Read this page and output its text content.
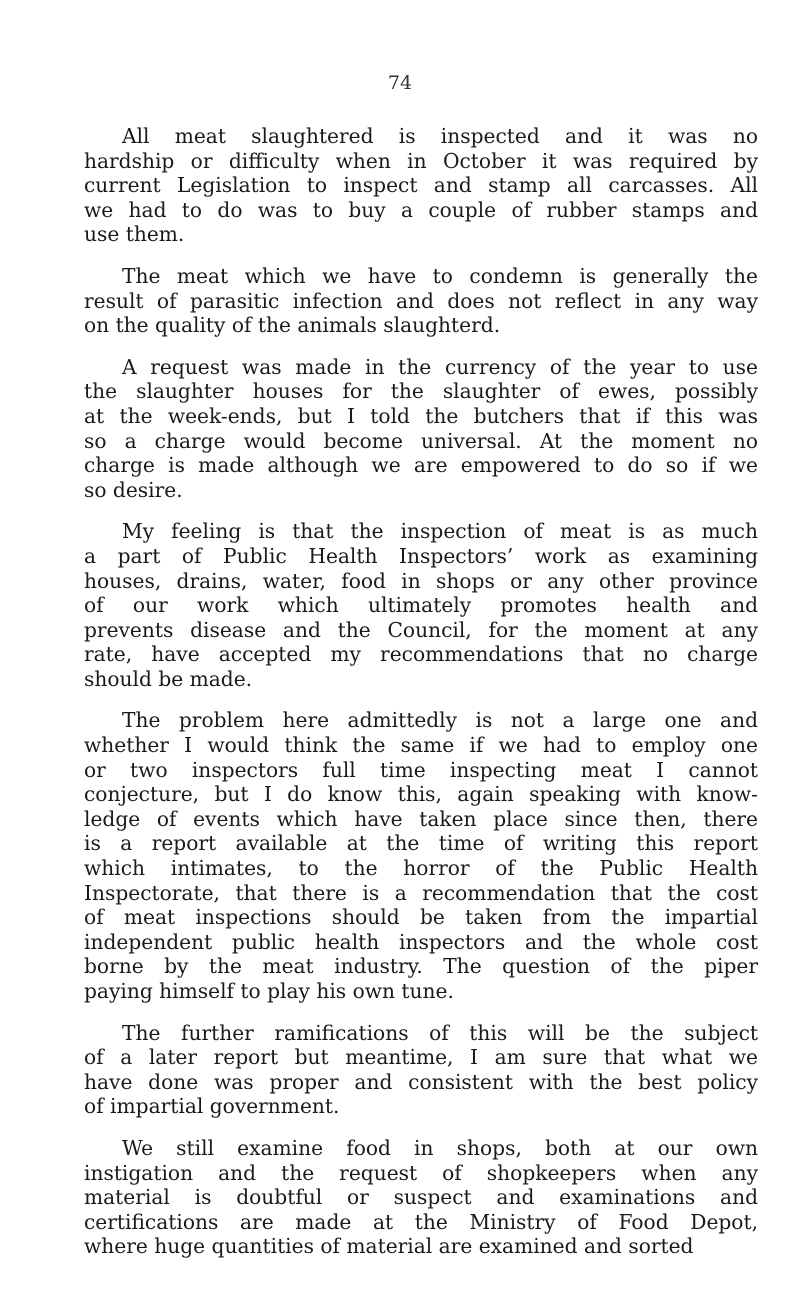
74

All meat slaughtered is inspected and it was no
hardship or difficulty when in October it was required by
current Legislation to inspect and stamp all carcasses. All
we had to do was to buy a couple of rubber stamps and
use them.

The meat which we have to condemn is generally the
result of parasitic infection and does not reflect in any way
on the quality of the animals slaughterd.

A request was made in the currency of the year to use
the slaughter houses for the slaughter of ewes, possibly
at the week-ends, but I told the butchers that if this was
so a charge would become universal. At the moment no
charge is made although we are empowered to do so if we
so desire.

My feeling is that the inspection of meat is as much
a part of Public Health Inspectors’ work as examining
houses, drains, water, food in shops or any other province
of our work which ultimately promotes health and
prevents disease and the Council, for the moment at any
rate, have accepted my recommendations that no charge
should be made.

The problem here admittedly is not a large one and
whether I would think the same if we had to employ one
or two inspectors full time inspecting meat I cannot
conjecture, but I do know this, again speaking with know-
ledge of events which have taken place since then, there
is a report available at the time of writing this report
which intimates, to the horror of the Public Health
Inspectorate, that there is a recommendation that the cost
of meat inspections should be taken from the impartial
independent public health inspectors and the whole cost
borne by the meat industry. The question of the piper
paying himself to play his own tune.

The further ramifications of this will be the subject
of a later report but meantime, I am sure that what we
have done was proper and consistent with the best policy
of impartial government.

We still examine food in shops, both at our own
instigation and the request of shopkeepers when any
material is doubtful or suspect and examinations and
certifications are made at the Ministry of Food Depot,
where huge quantities of material are examined and sorted
